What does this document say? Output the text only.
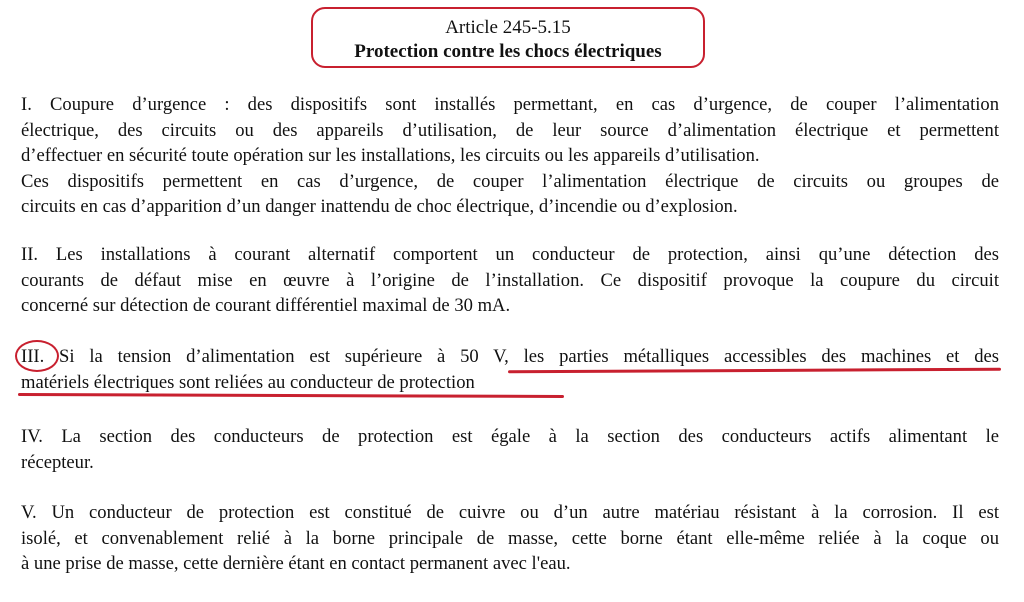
Article 245-5.15
Protection contre les chocs électriques
I. Coupure d’urgence : des dispositifs sont installés permettant, en cas d’urgence, de couper l’alimentation
électrique, des circuits ou des appareils d’utilisation, de leur source d’alimentation électrique et permettent
d’effectuer en sécurité toute opération sur les installations, les circuits ou les appareils d’utilisation.
Ces dispositifs permettent en cas d’urgence, de couper l’alimentation électrique de circuits ou groupes de
circuits en cas d’apparition d’un danger inattendu de choc électrique, d’incendie ou d’explosion.
II. Les installations à courant alternatif comportent un conducteur de protection, ainsi qu’une détection des
courants de défaut mise en œuvre à l’origine de l’installation. Ce dispositif provoque la coupure du circuit
concerné sur détection de courant différentiel maximal de 30 mA.
III. Si la tension d’alimentation est supérieure à 50 V, les parties métalliques accessibles des machines et des
matériels électriques sont reliées au conducteur de protection
IV. La section des conducteurs de protection est égale à la section des conducteurs actifs alimentant le
récepteur.
V. Un conducteur de protection est constitué de cuivre ou d’un autre matériau résistant à la corrosion. Il est
isolé, et convenablement relié à la borne principale de masse, cette borne étant elle-même reliée à la coque ou
à une prise de masse, cette dernière étant en contact permanent avec l'eau.
